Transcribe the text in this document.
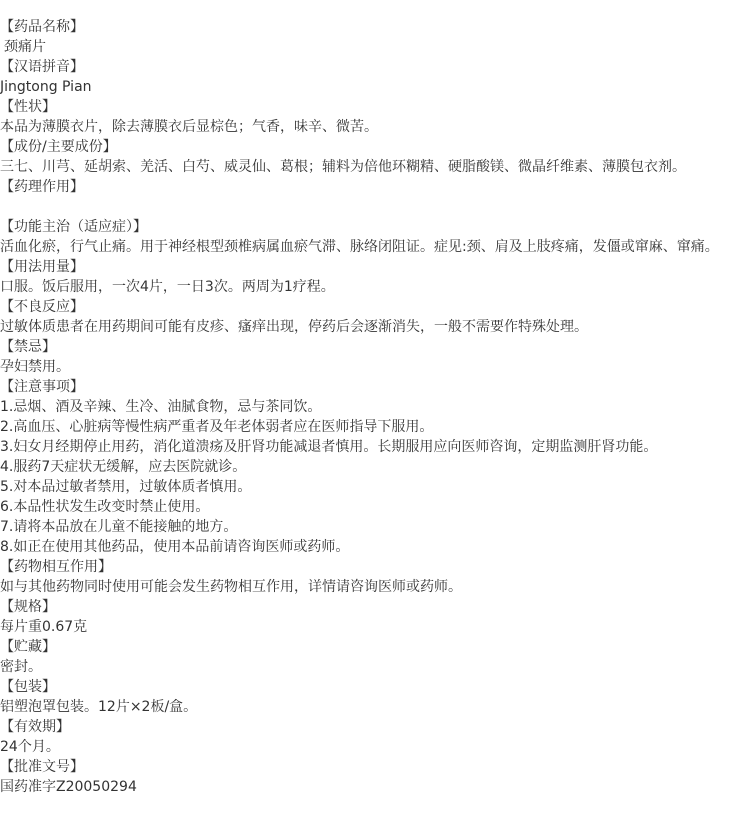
【药品名称】
颈痛片
【汉语拼音】
Jingtong Pian
【性状】
本品为薄膜衣片，除去薄膜衣后显棕色；气香，味辛、微苦。
【成份/主要成份】
三七、川芎、延胡索、羌活、白芍、威灵仙、葛根；辅料为倍他环糊精、硬脂酸镁、微晶纤维素、薄膜包衣剂。
【药理作用】
【功能主治（适应症）】
活血化瘀，行气止痛。用于神经根型颈椎病属血瘀气滞、脉络闭阻证。症见:颈、肩及上肢疼痛，发僵或窜麻、窜痛。
【用法用量】
口服。饭后服用，一次4片，一日3次。两周为1疗程。
【不良反应】
过敏体质患者在用药期间可能有皮疹、瘙痒出现，停药后会逐渐消失，一般不需要作特殊处理。
【禁忌】
孕妇禁用。
【注意事项】
1.忌烟、酒及辛辣、生冷、油腻食物，忌与茶同饮。
2.高血压、心脏病等慢性病严重者及年老体弱者应在医师指导下服用。
3.妇女月经期停止用药，消化道溃疡及肝肾功能减退者慎用。长期服用应向医师咨询，定期监测肝肾功能。
4.服药7天症状无缓解，应去医院就诊。
5.对本品过敏者禁用，过敏体质者慎用。
6.本品性状发生改变时禁止使用。
7.请将本品放在儿童不能接触的地方。
8.如正在使用其他药品，使用本品前请咨询医师或药师。
【药物相互作用】
如与其他药物同时使用可能会发生药物相互作用，详情请咨询医师或药师。
【规格】
每片重0.67克
【贮藏】
密封。
【包装】
铝塑泡罩包装。12片×2板/盒。
【有效期】
24个月。
【批准文号】
国药准字Z20050294
